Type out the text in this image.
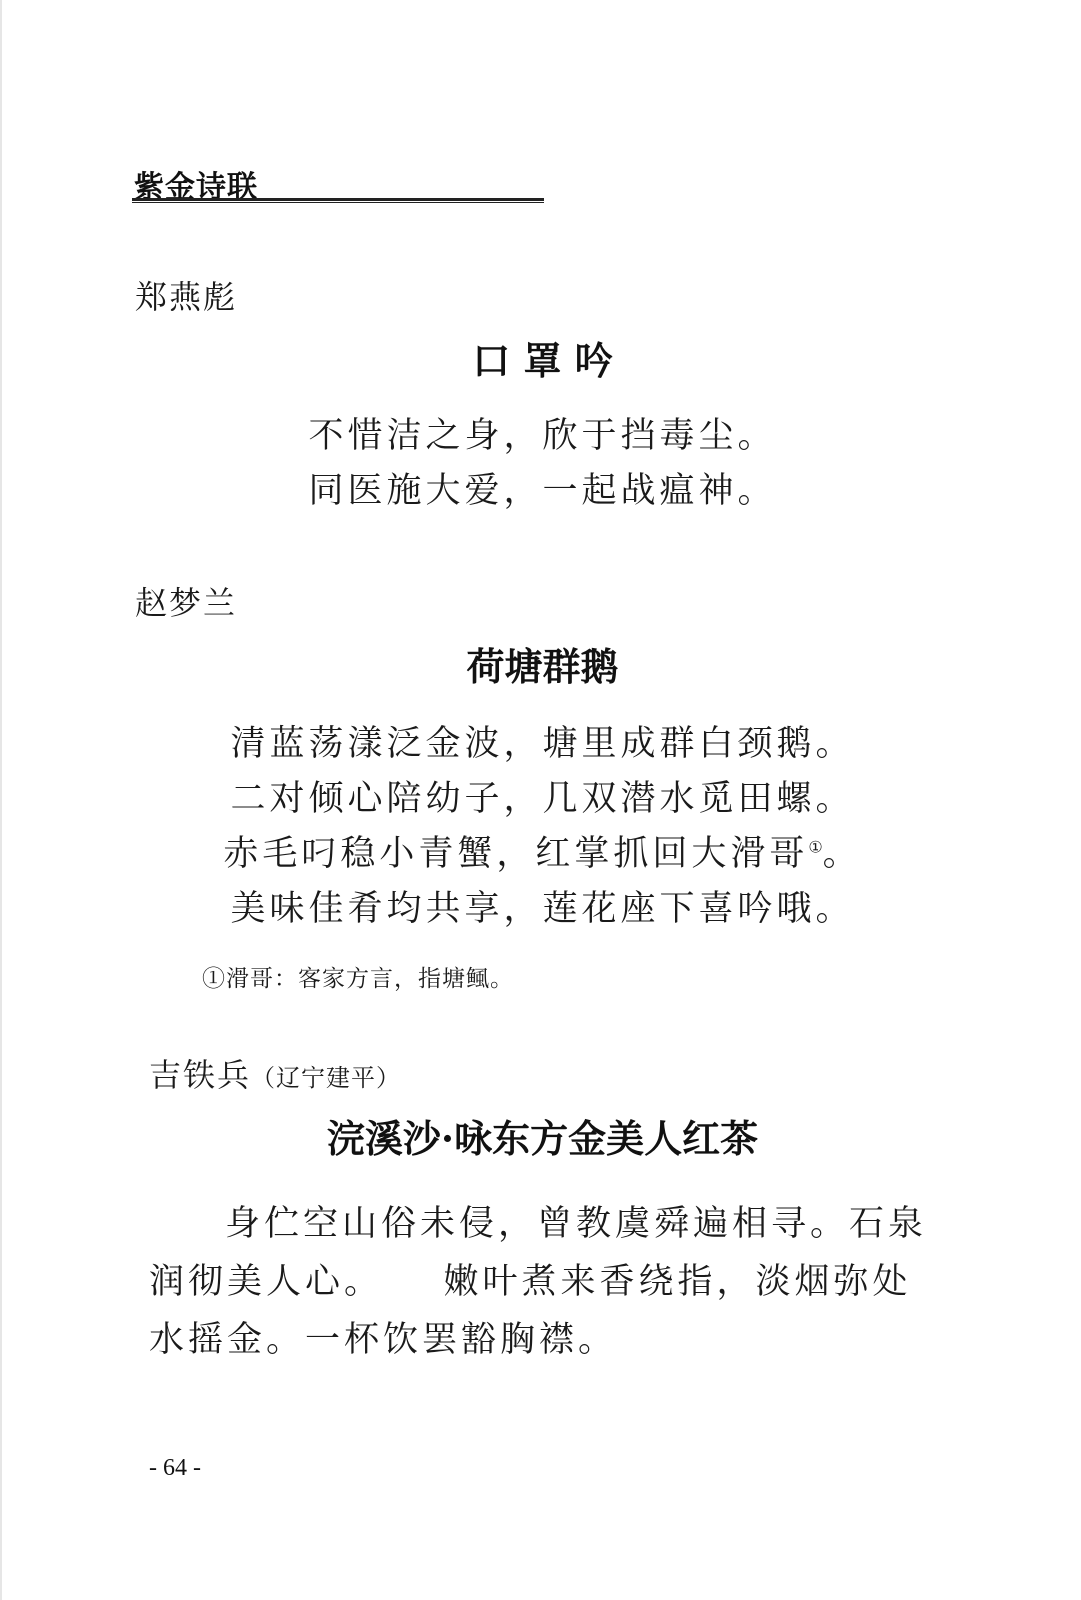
紫金诗联
郑燕彪
口 罩 吟
不惜洁之身，欣于挡毒尘。
同医施大爱，一起战瘟神。
赵梦兰
荷塘群鹅
清蓝荡漾泛金波，塘里成群白颈鹅。
二对倾心陪幼子，几双潜水觅田螺。
赤毛叼稳小青蟹，红掌抓回大滑哥①。
美味佳肴均共享，莲花座下喜吟哦。
①滑哥：客家方言，指塘鲺。
吉铁兵（辽宁建平）
浣溪沙·咏东方金美人红茶

身伫空山俗未侵，曾教虞舜遍相寻。石泉润彻美人心。　　嫩叶煮来香绕指，淡烟弥处水摇金。一杯饮罢豁胸襟。

- 64 -
